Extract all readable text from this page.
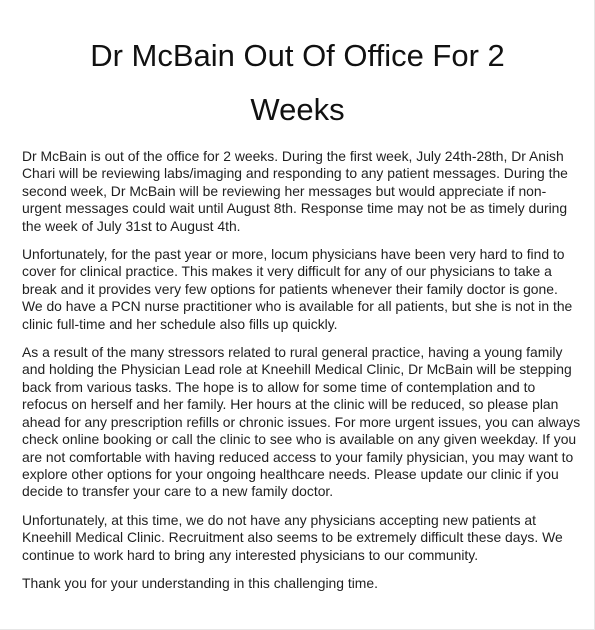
Dr McBain Out Of Office For 2
Weeks

Dr McBain is out of the office for 2 weeks. During the first week, July 24th-28th, Dr Anish Chari will be reviewing labs/imaging and responding to any patient messages. During the second week, Dr McBain will be reviewing her messages but would appreciate if non-urgent messages could wait until August 8th. Response time may not be as timely during the week of July 31st to August 4th.

Unfortunately, for the past year or more, locum physicians have been very hard to find to cover for clinical practice. This makes it very difficult for any of our physicians to take a break and it provides very few options for patients whenever their family doctor is gone. We do have a PCN nurse practitioner who is available for all patients, but she is not in the clinic full-time and her schedule also fills up quickly.

As a result of the many stressors related to rural general practice, having a young family and holding the Physician Lead role at Kneehill Medical Clinic, Dr McBain will be stepping back from various tasks. The hope is to allow for some time of contemplation and to refocus on herself and her family. Her hours at the clinic will be reduced, so please plan ahead for any prescription refills or chronic issues. For more urgent issues, you can always check online booking or call the clinic to see who is available on any given weekday. If you are not comfortable with having reduced access to your family physician, you may want to explore other options for your ongoing healthcare needs. Please update our clinic if you decide to transfer your care to a new family doctor.

Unfortunately, at this time, we do not have any physicians accepting new patients at Kneehill Medical Clinic. Recruitment also seems to be extremely difficult these days. We continue to work hard to bring any interested physicians to our community.

Thank you for your understanding in this challenging time.
